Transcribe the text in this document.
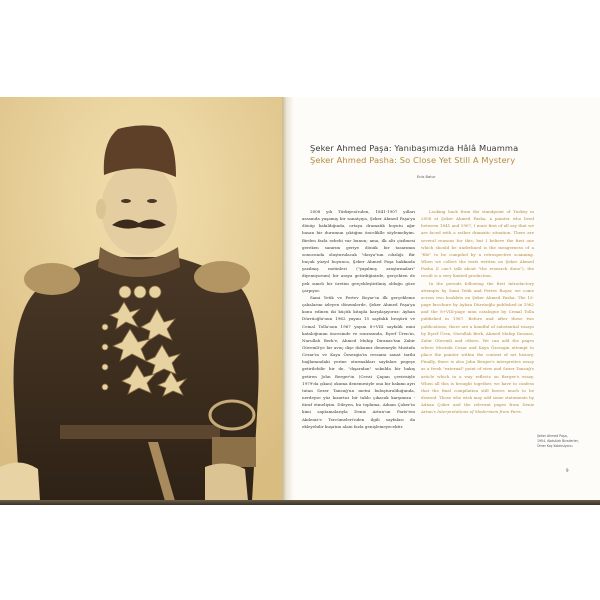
Şeker Ahmed Paşa: Yanıbaşımızda Hâlâ Muamma
Şeker Ahmed Pasha: So Close Yet Still A Mystery
Enis Batur

2008 yılı Türkiyesi'nden, 1841-1907 yılları arasında yaşamış bir sanatçıya, Şeker Ahmed Paşa'ya dönüp bakıldığında, ortaya dramatik boyutu ağır basan bir durumun çıktığını önceliklle söylemeliyim. Birden fazla sebebi var bunun; ama, ilk altı çizilmesi gereken sanırım geriye dönük bir tasarımın sonucunda oluşturulacak "dosya"nın cılızlığı. Bir buçuk yüzyıl boyunca, Şeker Ahmed Paşa hakkında yazılmış metinleri ("yapılmış araştırmaları" diyemiyorum) bir araya getirdiğinizde, gerçekten de pek sınırlı bir üretim gerçekleştirilmiş olduğu göze çarpıyor.

Sami Yetik ve Pertev Boyar'ın ilk gerçekleme çabalarını izleyen dönemlerde, Şeker Ahmed Paşa'ya konu edinen iki küçük kitapla karşılaşıyoruz: Ayhan Dürrüoğlu'nun 1962 yayını 15 sayfalık broşürü ve Cemal Tolla'nun 1967 yayını 8+VIII sayfalık mini kataloğunun öncesinde ve sonrasında, Eşref Üren'in, Nurullah Berk'e, Ahmed Muhip Dıranas'tan Zahir Güvemli'ye bir avuç dişe dokunur denemeyle Mustafa Cezar'ın ve Kaya Özsezgin'in ressamı sanat tarihi bağlamındaki yerine oturmakları sayfaları pegeşe getirilebilir bir de, "dışarıdan" sokulda bir bakış getiren John Berger'in (Cevat Çapan çevirisiyle 1979'da çıkan) okuma denemesiyle ona bir bakımı ayrı tutan Sezer Tansuğ'un metni buluşturulduğunda, nerdeyse yüz kızartıcı bir tablo çıkacak karşımıza - itiraf etmeliyim. Dileyen, bu toplama, Adnan Çoker'in kimi saptamalarıyla Deniz Artun'un Paris'ten Akdeniz'e Tercümeleri'nden ilgili sayfaları da ekleyebilir kuşatım alanı fazla genişlemeyecektir.

Looking back from the standpoint of Turkey in 2008 at Şeker Ahmed Pasha, a painter who lived between 1841 and 1907, I must first of all say that we are faced with a rather dramatic situation. There are several reasons for this; but I believe the first one which should be underlined is the meagerness of a "file" to be compiled by a retrospective scanning. When we collect the texts written on Şeker Ahmed Pasha (I can't talk about "the research done"), the result is a very limited production.

In the periods following the first introductory attempts by Sami Yetik and Pertev Boyar, we come across two booklets on Şeker Ahmed Pasha: The 15-page brochure by Ayhan Dürrüoğlu published in 1962 and the 8+VIII-page mini catalogue by Cemal Tolla published in 1967. Before and after these two publications, there are a handful of substantial essays by Eşref Üren, Nurullah Berk, Ahmed Muhip Dıranas, Zahir Güvemli and others. We can add the pages where Mustafa Cezar and Kaya Özsezgin attempt to place the painter within the context of art history. Finally, there is also John Berger's interpretive essay as a fresh "external" point of view and Sezer Tansuğ's article which in a way reflects on Berger's essay. When all this is brought together, we have to confess that the final compilation still leaves much to be desired. Those who wish may add some statements by Adnan Çoker and the relevant pages from Deniz Artun's Interpretations of Modernism from Paris.

Şeker Ahmed Paşa,
1904, Abdullah Biraderler,
Ömer Koç Koleksiyonu
9
